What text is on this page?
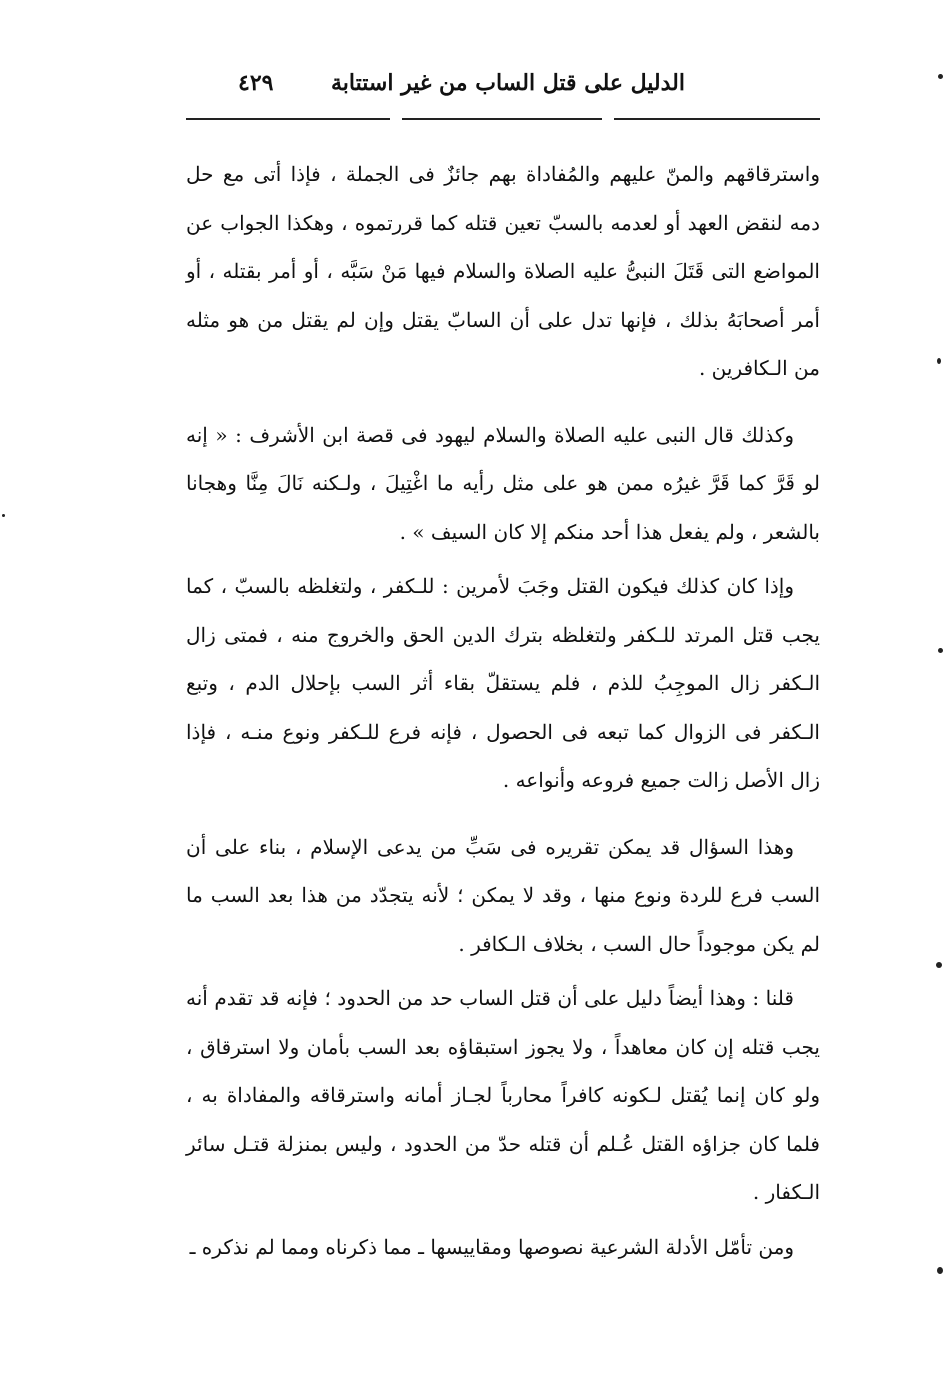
الدليل على قتل الساب من غير استتابة
٤٢٩

واسترقاقهم والمنّ عليهم والمُفاداة بهم جائزٌ فى الجملة ، فإذا أتى مع حل دمه لنقض العهد أو لعدمه بالسبّ تعين قتله كما قررتموه ، وهكذا الجواب عن المواضع التى قَتَلَ النبىُّ عليه الصلاة والسلام فيها مَنْ سَبَّه ، أو أمر بقتله ، أو أمر أصحابَهُ بذلك ، فإنها تدل على أن السابّ يقتل وإن لم يقتل من هو مثله من الـكافرين .

وكذلك قال النبى عليه الصلاة والسلام ليهود فى قصة ابن الأشرف : « إنه لو قَرَّ كما قَرَّ غيرُه ممن هو على مثل رأيه ما اغْتِيلَ ، ولـكنه نَالَ مِنَّا وهجانا بالشعر ، ولم يفعل هذا أحد منكم إلا كان السيف » .

وإذا كان كذلك فيكون القتل وجَبَ لأمرين : للـكفر ، ولتغلظه بالسبّ ، كما يجب قتل المرتد للـكفر ولتغلظه بترك الدين الحق والخروج منه ، فمتى زال الـكفر زال الموجِبُ للذم ، فلم يستقلّ بقاء أثر السب بإحلال الدم ، وتبع الـكفر فى الزوال كما تبعه فى الحصول ، فإنه فرع للـكفر ونوع منـه ، فإذا زال الأصل زالت جميع فروعه وأنواعه .

وهذا السؤال قد يمكن تقريره فى سَبِّ من يدعى الإسلام ، بناء على أن السب فرع للردة ونوع منها ، وقد لا يمكن ؛ لأنه يتجدّد من هذا بعد السب ما لم يكن موجوداً حال السب ، بخلاف الـكافر .

قلنا : وهذا أيضاً دليل على أن قتل الساب حد من الحدود ؛ فإنه قد تقدم أنه يجب قتله إن كان معاهداً ، ولا يجوز استبقاؤه بعد السب بأمان ولا استرقاق ، ولو كان إنما يُقتل لـكونه كافراً محارباً لجـاز أمانه واسترقاقه والمفاداة به ، فلما كان جزاؤه القتل عُـلم أن قتله حدّ من الحدود ، وليس بمنزلة قتـل سائر الـكفار .

ومن تأمّل الأدلة الشرعية نصوصها ومقاييسها ـ مما ذكرناه ومما لم نذكره ـ
